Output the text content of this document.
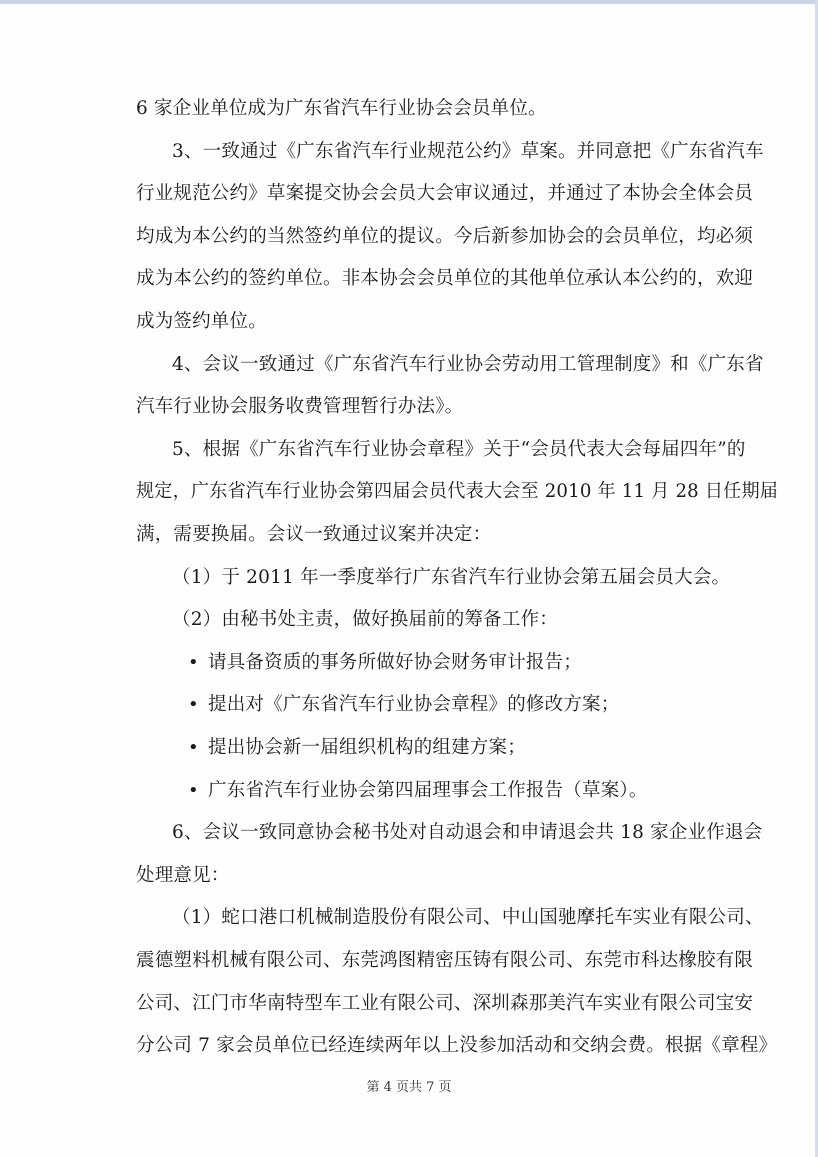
6 家企业单位成为广东省汽车行业协会会员单位。
3、一致通过《广东省汽车行业规范公约》草案。并同意把《广东省汽车
行业规范公约》草案提交协会会员大会审议通过，并通过了本协会全体会员
均成为本公约的当然签约单位的提议。今后新参加协会的会员单位，均必须
成为本公约的签约单位。非本协会会员单位的其他单位承认本公约的，欢迎
成为签约单位。
4、会议一致通过《广东省汽车行业协会劳动用工管理制度》和《广东省
汽车行业协会服务收费管理暂行办法》。
5、根据《广东省汽车行业协会章程》关于“会员代表大会每届四年”的
规定，广东省汽车行业协会第四届会员代表大会至 2010 年 11 月 28 日任期届
满，需要换届。会议一致通过议案并决定：
（1）于 2011 年一季度举行广东省汽车行业协会第五届会员大会。
（2）由秘书处主责，做好换届前的筹备工作：
• 请具备资质的事务所做好协会财务审计报告；
• 提出对《广东省汽车行业协会章程》的修改方案；
• 提出协会新一届组织机构的组建方案；
• 广东省汽车行业协会第四届理事会工作报告（草案）。
6、会议一致同意协会秘书处对自动退会和申请退会共 18 家企业作退会
处理意见：
（1）蛇口港口机械制造股份有限公司、中山国驰摩托车实业有限公司、
震德塑料机械有限公司、东莞鸿图精密压铸有限公司、东莞市科达橡胶有限
公司、江门市华南特型车工业有限公司、深圳森那美汽车实业有限公司宝安
分公司 7 家会员单位已经连续两年以上没参加活动和交纳会费。根据《章程》
第 4 页共 7 页
